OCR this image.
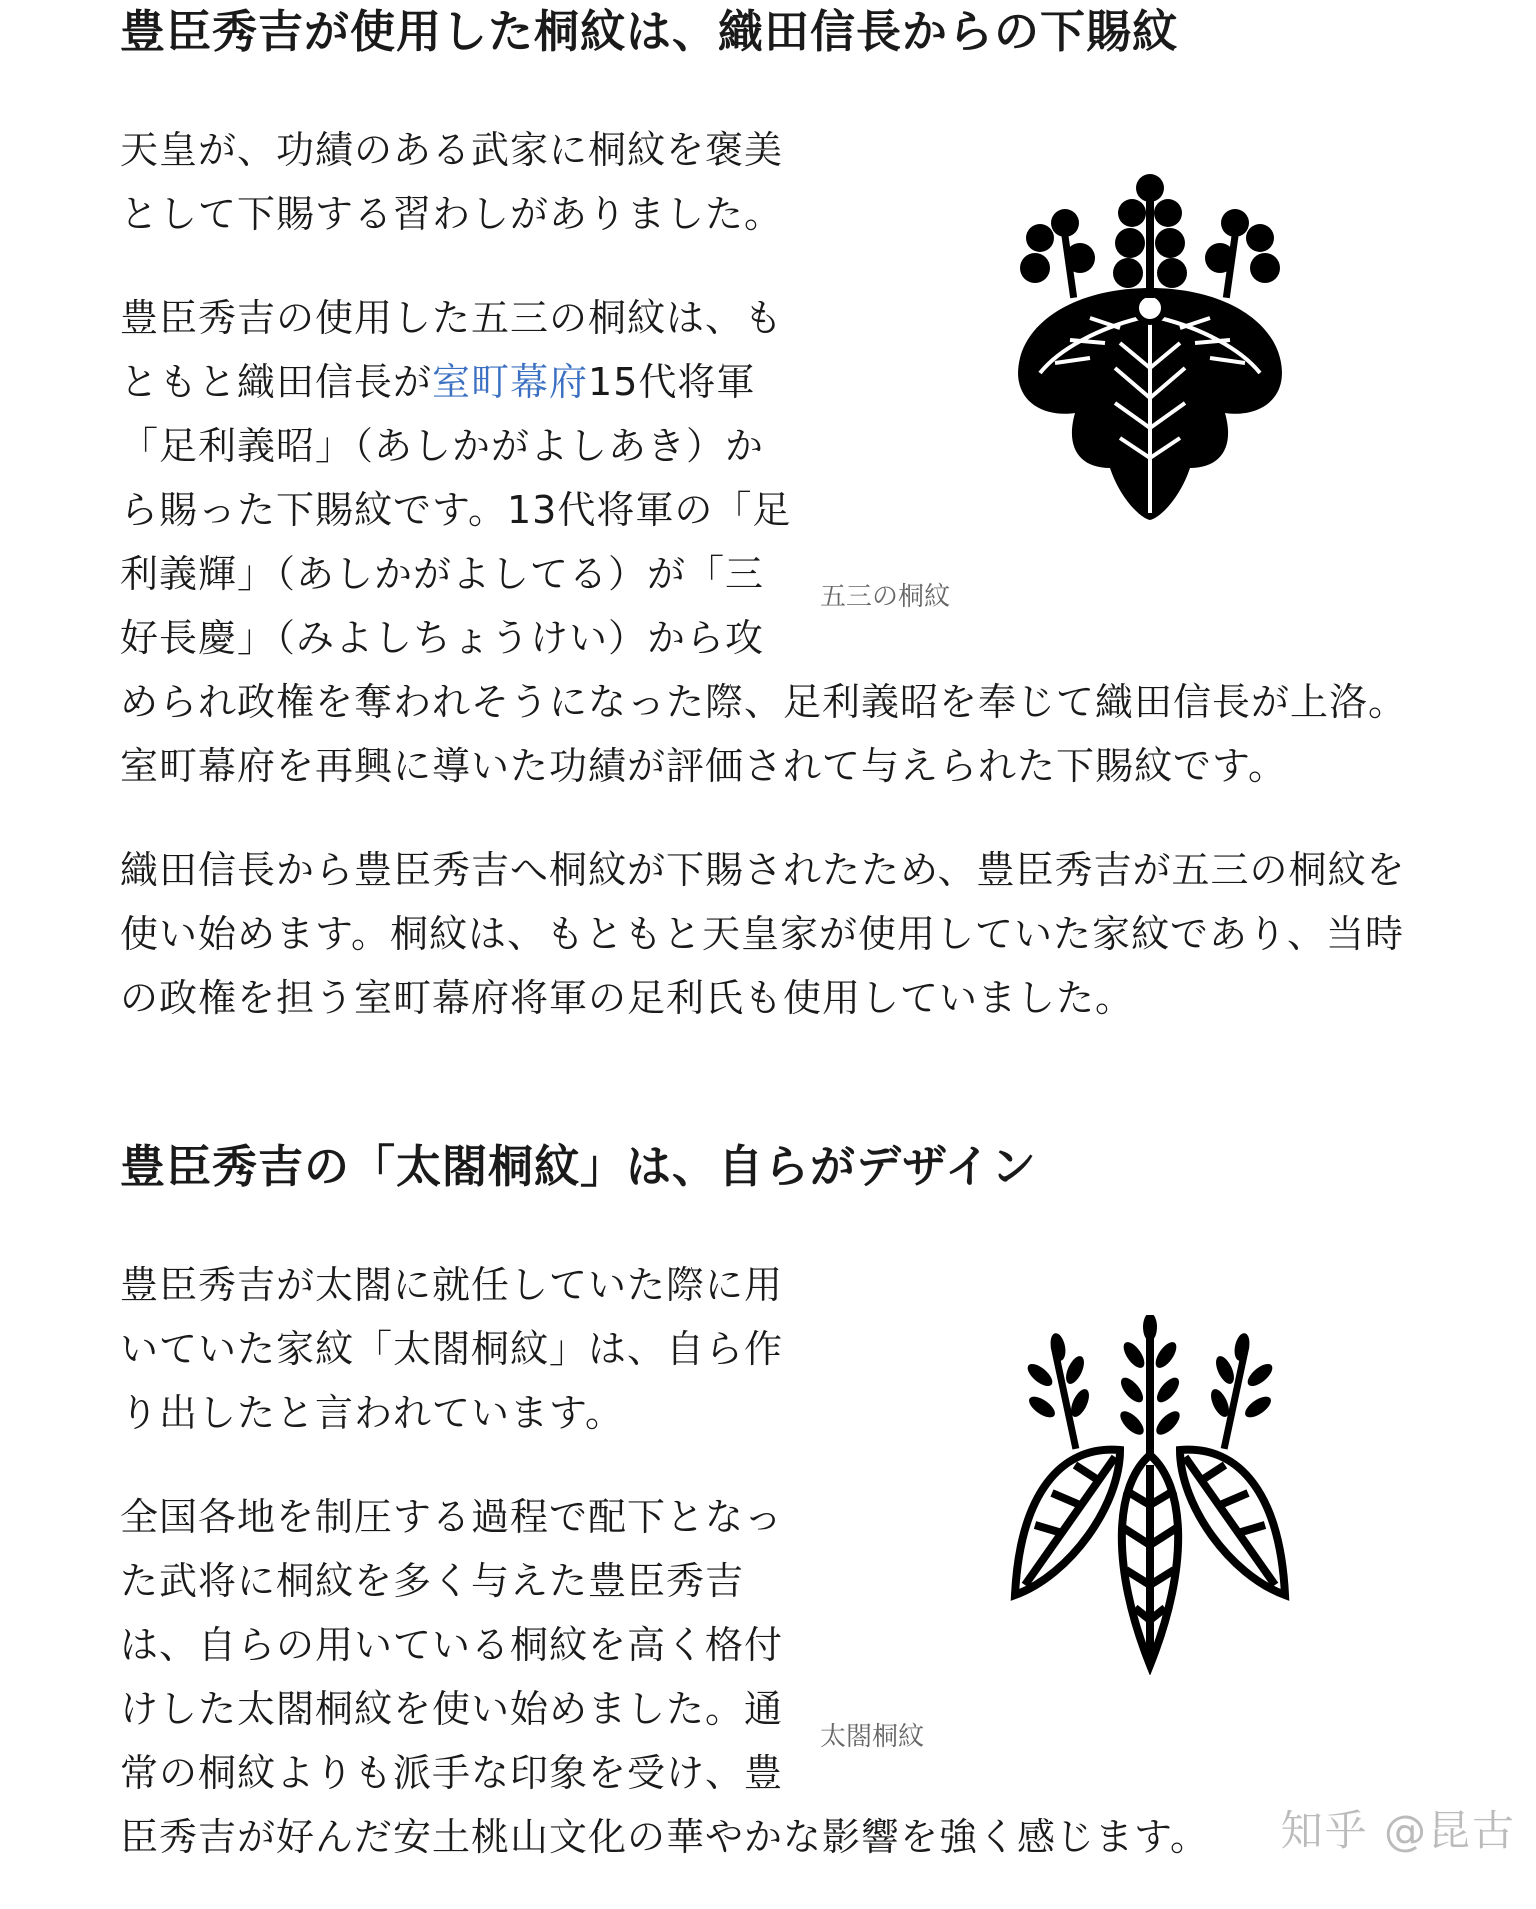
豊臣秀吉が使用した桐紋は、織田信長からの下賜紋
五三の桐紋

天皇が、功績のある武家に桐紋を褒美として下賜する習わしがありました。

豊臣秀吉の使用した五三の桐紋は、もともと織田信長が室町幕府15代将軍「足利義昭」（あしかがよしあき）から賜った下賜紋です。13代将軍の「足利義輝」（あしかがよしてる）が「三好長慶」（みよしちょうけい）から攻められ政権を奪われそうになった際、足利義昭を奉じて織田信長が上洛。室町幕府を再興に導いた功績が評価されて与えられた下賜紋です。

織田信長から豊臣秀吉へ桐紋が下賜されたため、豊臣秀吉が五三の桐紋を使い始めます。桐紋は、もともと天皇家が使用していた家紋であり、当時の政権を担う室町幕府将軍の足利氏も使用していました。

豊臣秀吉の「太閤桐紋」は、自らがデザイン
太閤桐紋

豊臣秀吉が太閤に就任していた際に用いていた家紋「太閤桐紋」は、自ら作り出したと言われています。

全国各地を制圧する過程で配下となった武将に桐紋を多く与えた豊臣秀吉は、自らの用いている桐紋を高く格付けした太閤桐紋を使い始めました。通常の桐紋よりも派手な印象を受け、豊臣秀吉が好んだ安土桃山文化の華やかな影響を強く感じます。	知乎 @昆古
